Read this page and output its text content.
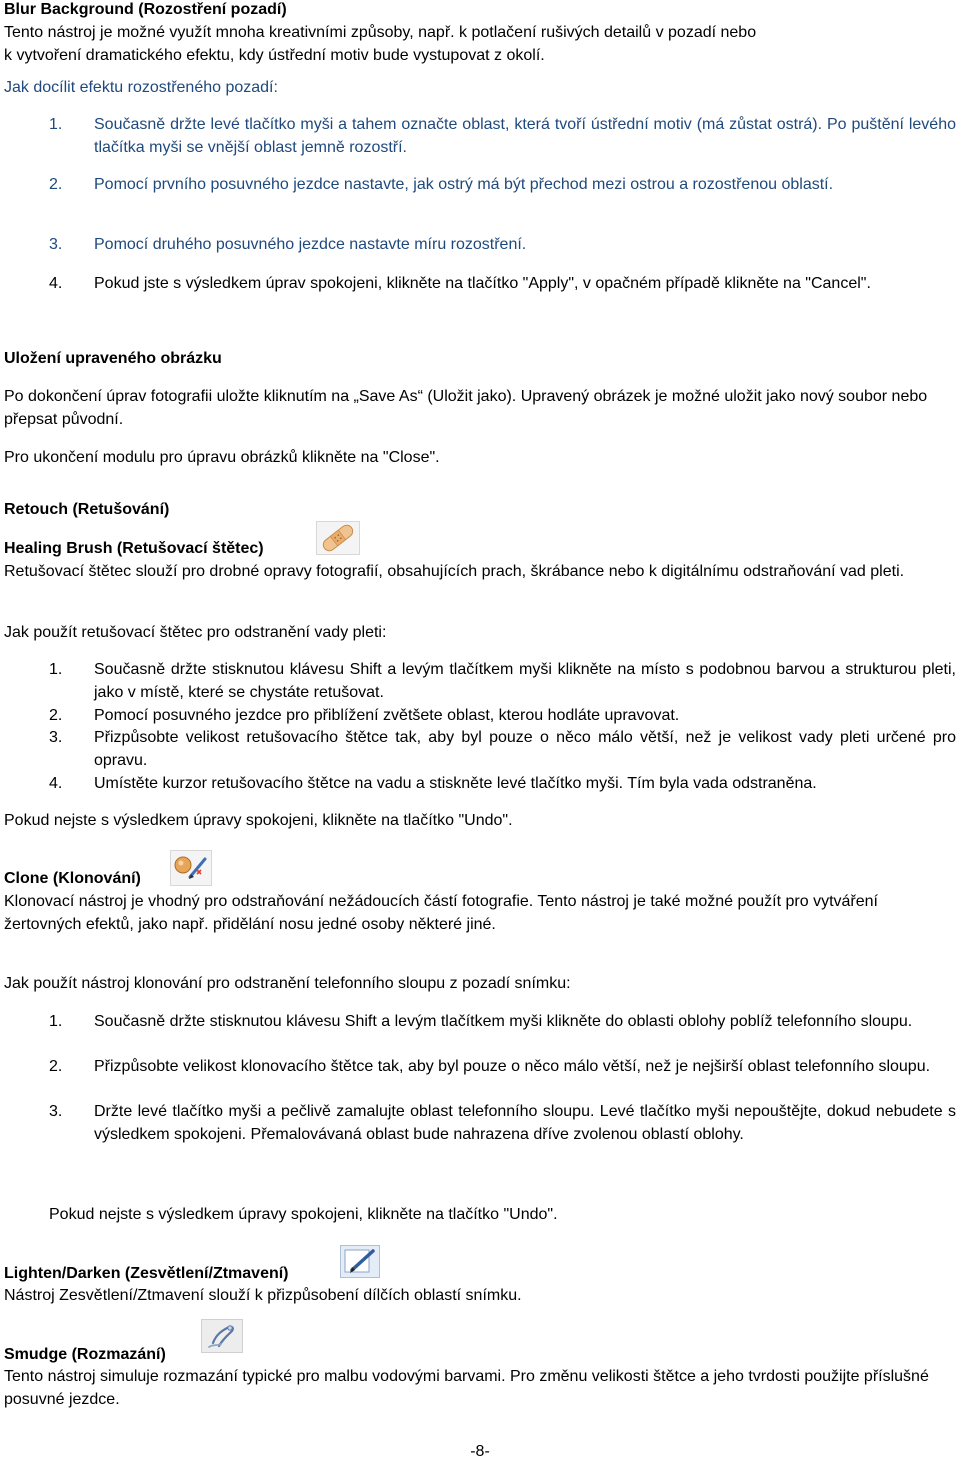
Blur Background (Rozostření pozadí)
Tento nástroj je možné využít mnoha kreativními způsoby, např. k potlačení rušivých detailů v pozadí nebo
k vytvoření dramatického efektu, kdy ústřední motiv bude vystupovat z okolí.
Jak docílit efektu rozostřeného pozadí:
1.	Současně držte levé tlačítko myši a tahem označte oblast, která tvoří ústřední motiv (má zůstat ostrá). Po puštění levého tlačítka myši se vnější oblast jemně rozostří.
2.	Pomocí prvního posuvného jezdce nastavte, jak ostrý má být přechod mezi ostrou a rozostřenou oblastí.
3.	Pomocí druhého posuvného jezdce nastavte míru rozostření.
4.	Pokud jste s výsledkem úprav spokojeni, klikněte na tlačítko "Apply", v opačném případě klikněte na "Cancel".
Uložení upraveného obrázku
Po dokončení úprav fotografii uložte kliknutím na „Save As“ (Uložit jako). Upravený obrázek je možné uložit jako nový soubor nebo přepsat původní.
Pro ukončení modulu pro úpravu obrázků klikněte na "Close".
Retouch (Retušování)
Healing Brush (Retušovací štětec)
Retušovací štětec slouží pro drobné opravy fotografií, obsahujících prach, škrábance nebo k digitálnímu odstraňování vad pleti.
Jak použít retušovací štětec pro odstranění vady pleti:
1.	Současně držte stisknutou klávesu Shift a levým tlačítkem myši klikněte na místo s podobnou barvou a strukturou pleti, jako v místě, které se chystáte retušovat.
2.	Pomocí posuvného jezdce pro přiblížení zvětšete oblast, kterou hodláte upravovat.
3.	Přizpůsobte velikost retušovacího štětce tak, aby byl pouze o něco málo větší, než je velikost vady pleti určené pro opravu.
4.	Umístěte kurzor retušovacího štětce na vadu a stiskněte levé tlačítko myši. Tím byla vada odstraněna.
Pokud nejste s výsledkem úpravy spokojeni, klikněte na tlačítko "Undo".
Clone (Klonování)
Klonovací nástroj je vhodný pro odstraňování nežádoucích částí fotografie. Tento nástroj je také možné použít pro vytváření žertovných efektů, jako např. přidělání nosu jedné osoby některé jiné.
Jak použít nástroj klonování pro odstranění telefonního sloupu z pozadí snímku:
1.	Současně držte stisknutou klávesu Shift a levým tlačítkem myši klikněte do oblasti oblohy poblíž telefonního sloupu.
2.	Přizpůsobte velikost klonovacího štětce tak, aby byl pouze o něco málo větší, než je nejširší oblast telefonního sloupu.
3.	Držte levé tlačítko myši a pečlivě zamalujte oblast telefonního sloupu. Levé tlačítko myši nepouštějte, dokud nebudete s výsledkem spokojeni. Přemalovávaná oblast bude nahrazena dříve zvolenou oblastí oblohy.
Pokud nejste s výsledkem úpravy spokojeni, klikněte na tlačítko "Undo".
Lighten/Darken (Zesvětlení/Ztmavení)
Nástroj Zesvětlení/Ztmavení slouží k přizpůsobení dílčích oblastí snímku.
Smudge (Rozmazání)
Tento nástroj simuluje rozmazání typické pro malbu vodovými barvami. Pro změnu velikosti štětce a jeho tvrdosti použijte příslušné posuvné jezdce.
-8-
